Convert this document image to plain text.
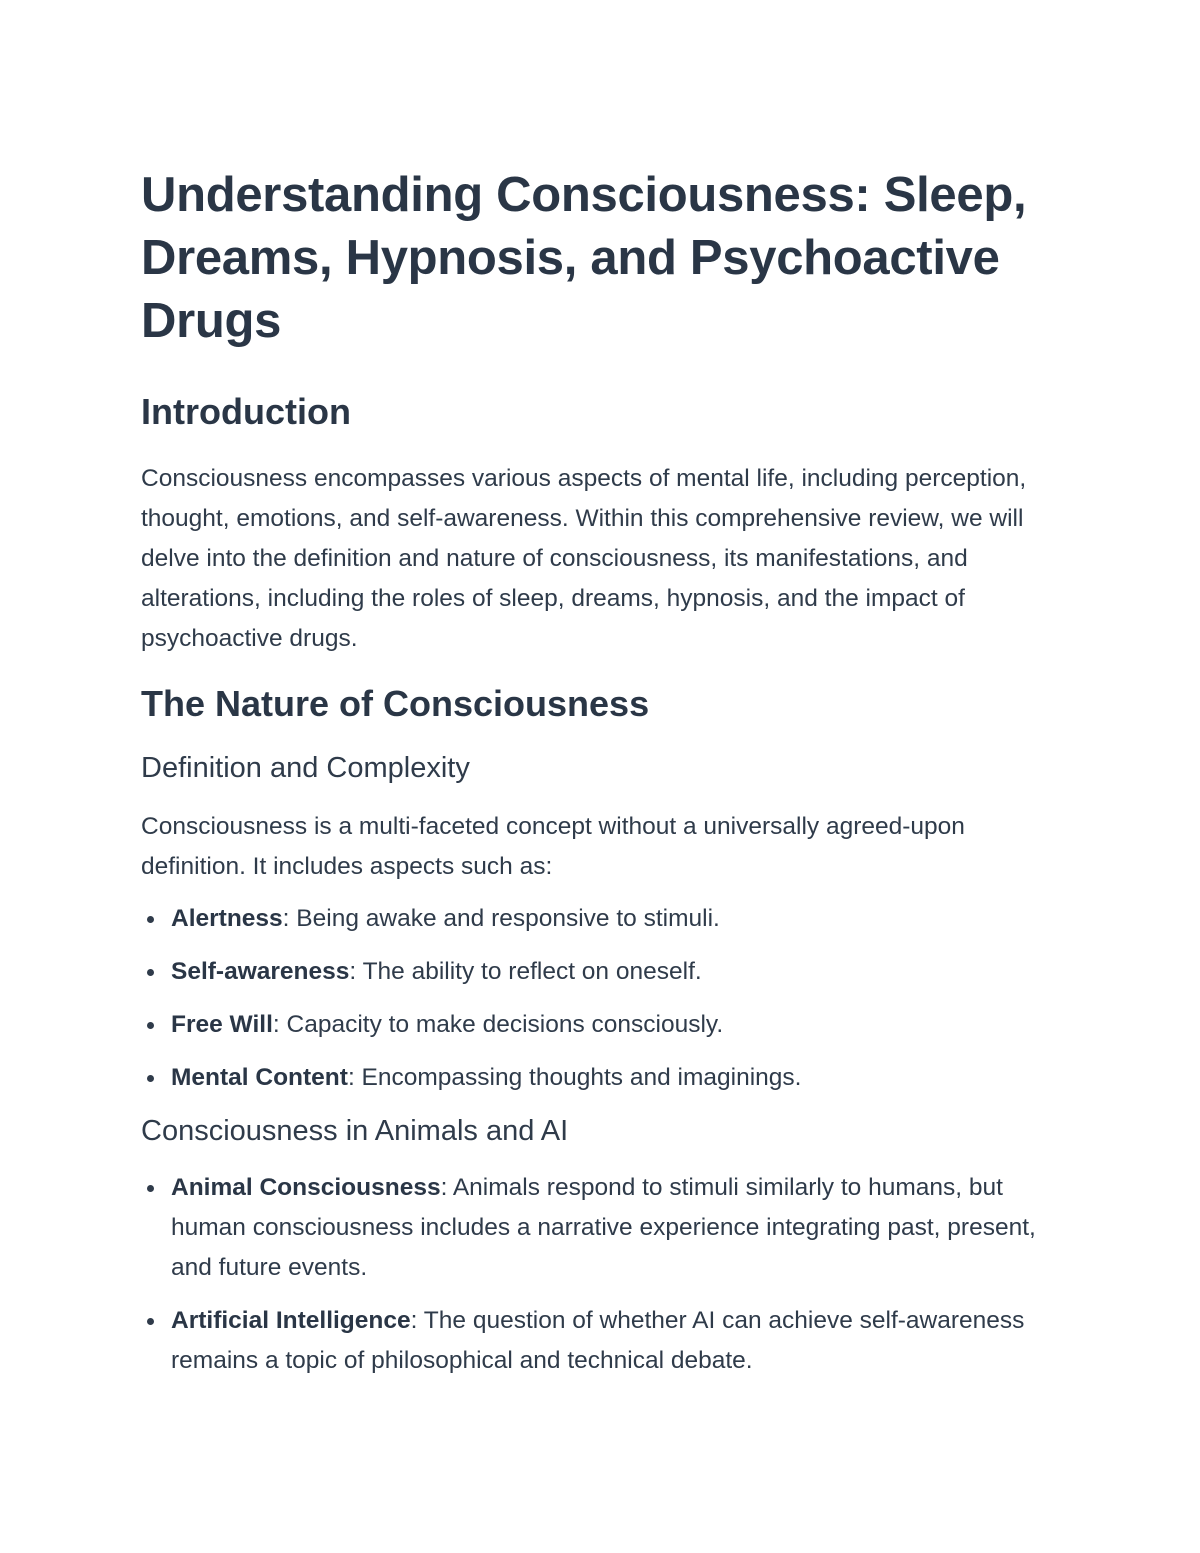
Understanding Consciousness: Sleep, Dreams, Hypnosis, and Psychoactive Drugs
Introduction

Consciousness encompasses various aspects of mental life, including perception, thought, emotions, and self-awareness. Within this comprehensive review, we will delve into the definition and nature of consciousness, its manifestations, and alterations, including the roles of sleep, dreams, hypnosis, and the impact of psychoactive drugs.

The Nature of Consciousness
Definition and Complexity

Consciousness is a multi-faceted concept without a universally agreed-upon definition. It includes aspects such as:

Alertness: Being awake and responsive to stimuli.
Self-awareness: The ability to reflect on oneself.
Free Will: Capacity to make decisions consciously.
Mental Content: Encompassing thoughts and imaginings.
Consciousness in Animals and AI
Animal Consciousness: Animals respond to stimuli similarly to humans, but human consciousness includes a narrative experience integrating past, present, and future events.
Artificial Intelligence: The question of whether AI can achieve self-awareness remains a topic of philosophical and technical debate.
